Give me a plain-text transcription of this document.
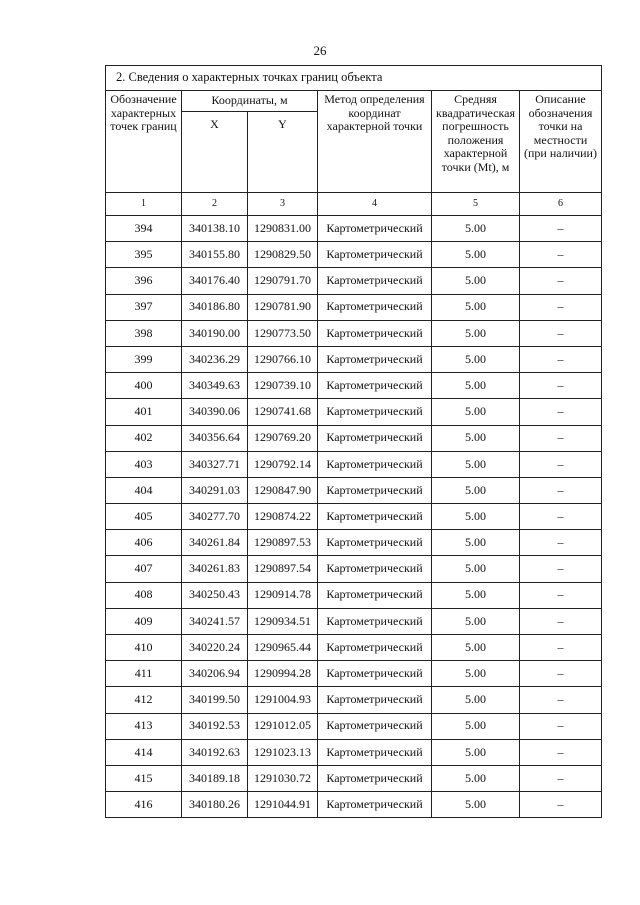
26
2. Сведения о характерных точках границ объекта					
Обозначение характерных точек границ	Координаты, м		Метод определения координат характерной точки	Средняя квадратическая погрешность положения характерной точки (Mt), м	Описание обозначения точки на местности (при наличии)
	X	Y			
1	2	3	4	5	6
394	340138.10	1290831.00	Картометрический	5.00	–
395	340155.80	1290829.50	Картометрический	5.00	–
396	340176.40	1290791.70	Картометрический	5.00	–
397	340186.80	1290781.90	Картометрический	5.00	–
398	340190.00	1290773.50	Картометрический	5.00	–
399	340236.29	1290766.10	Картометрический	5.00	–
400	340349.63	1290739.10	Картометрический	5.00	–
401	340390.06	1290741.68	Картометрический	5.00	–
402	340356.64	1290769.20	Картометрический	5.00	–
403	340327.71	1290792.14	Картометрический	5.00	–
404	340291.03	1290847.90	Картометрический	5.00	–
405	340277.70	1290874.22	Картометрический	5.00	–
406	340261.84	1290897.53	Картометрический	5.00	–
407	340261.83	1290897.54	Картометрический	5.00	–
408	340250.43	1290914.78	Картометрический	5.00	–
409	340241.57	1290934.51	Картометрический	5.00	–
410	340220.24	1290965.44	Картометрический	5.00	–
411	340206.94	1290994.28	Картометрический	5.00	–
412	340199.50	1291004.93	Картометрический	5.00	–
413	340192.53	1291012.05	Картометрический	5.00	–
414	340192.63	1291023.13	Картометрический	5.00	–
415	340189.18	1291030.72	Картометрический	5.00	–
416	340180.26	1291044.91	Картометрический	5.00	–
